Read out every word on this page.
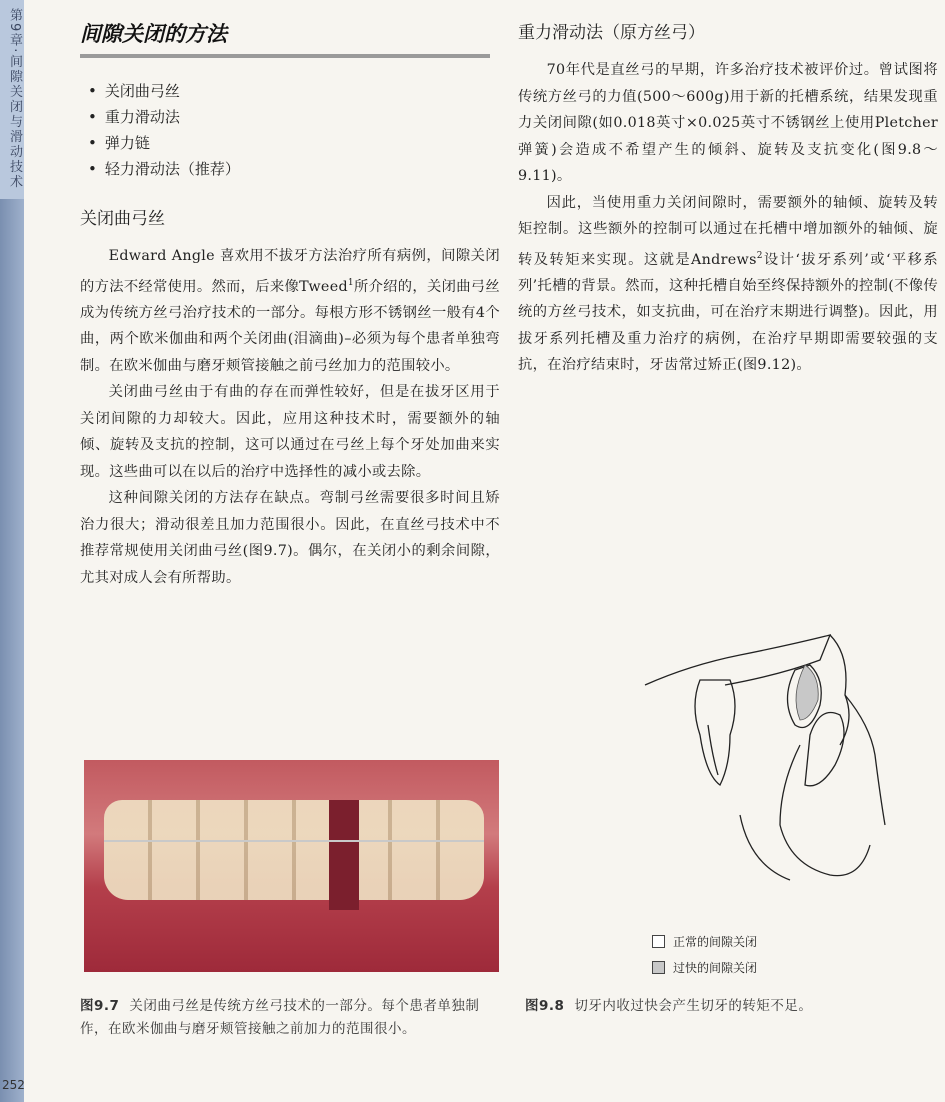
第9章·间隙关闭与滑动技术
252
间隙关闭的方法
• 关闭曲弓丝
• 重力滑动法
• 弹力链
• 轻力滑动法（推荐）
关闭曲弓丝

Edward Angle 喜欢用不拔牙方法治疗所有病例，间隙关闭的方法不经常使用。然而，后来像Tweed$^1$所介绍的，关闭曲弓丝成为传统方丝弓治疗技术的一部分。每根方形不锈钢丝一般有4个曲，两个欧米伽曲和两个关闭曲(泪滴曲)–必须为每个患者单独弯制。在欧米伽曲与磨牙颊管接触之前弓丝加力的范围较小。

关闭曲弓丝由于有曲的存在而弹性较好，但是在拔牙区用于关闭间隙的力却较大。因此，应用这种技术时，需要额外的轴倾、旋转及支抗的控制，这可以通过在弓丝上每个牙处加曲来实现。这些曲可以在以后的治疗中选择性的减小或去除。

这种间隙关闭的方法存在缺点。弯制弓丝需要很多时间且矫治力很大；滑动很差且加力范围很小。因此，在直丝弓技术中不推荐常规使用关闭曲弓丝(图9.7)。偶尔，在关闭小的剩余间隙，尤其对成人会有所帮助。

图9.7 关闭曲弓丝是传统方丝弓技术的一部分。每个患者单独制作，在欧米伽曲与磨牙颊管接触之前加力的范围很小。
重力滑动法（原方丝弓）

70年代是直丝弓的早期，许多治疗技术被评价过。曾试图将传统方丝弓的力值(500～600g)用于新的托槽系统，结果发现重力关闭间隙(如0.018英寸×0.025英寸不锈钢丝上使用Pletcher弹簧)会造成不希望产生的倾斜、旋转及支抗变化(图9.8～9.11)。

因此，当使用重力关闭间隙时，需要额外的轴倾、旋转及转矩控制。这些额外的控制可以通过在托槽中增加额外的轴倾、旋转及转矩来实现。这就是Andrews$^2$设计‘拔牙系列’或‘平移系列’托槽的背景。然而，这种托槽自始至终保持额外的控制(不像传统的方丝弓技术，如支抗曲，可在治疗末期进行调整)。因此，用拔牙系列托槽及重力治疗的病例，在治疗早期即需要较强的支抗，在治疗结束时，牙齿常过矫正(图9.12)。

正常的间隙关闭
过快的间隙关闭
图9.8 切牙内收过快会产生切牙的转矩不足。
